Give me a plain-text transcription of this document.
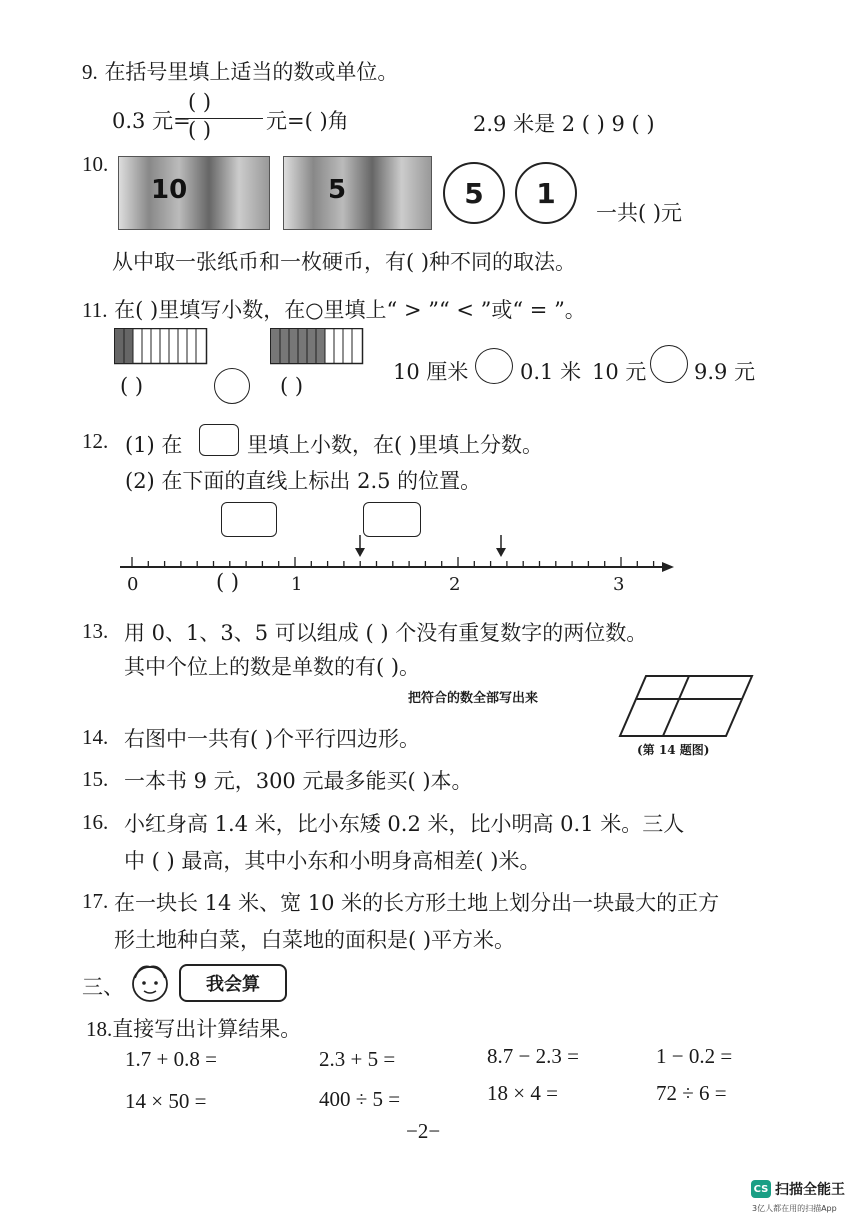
9. 在括号里填上适当的数或单位。
0.3 元=
( )
( )	元=( )角	2.9 米是 2 ( ) 9 ( )
10.
10	5	5 1
一共( )元
从中取一张纸币和一枚硬币，有( )种不同的取法。
11. 在( )里填写小数，在○里填上“ > ”“ < ”或“ = ”。
( )	( )
10 厘米 0.1 米 10 元 9.9 元
12. (1) 在	里填上小数，在( )里填上分数。
(2) 在下面的直线上标出 2.5 的位置。
0	( )	1	2	3
13. 用 0、1、3、5 可以组成 ( ) 个没有重复数字的两位数。
其中个位上的数是单数的有( )。
把符合的数全部写出来
(第 14 题图)
14. 右图中一共有( )个平行四边形。
15. 一本书 9 元，300 元最多能买( )本。
16. 小红身高 1.4 米，比小东矮 0.2 米，比小明高 0.1 米。三人
中 ( ) 最高，其中小东和小明身高相差( )米。
17. 在一块长 14 米、宽 10 米的长方形土地上划分出一块最大的正方
形土地种白菜，白菜地的面积是( )平方米。
三、	我会算
18.直接写出计算结果。
1.7 + 0.8 =	2.3 + 5 =	8.7 − 2.3 =	1 − 0.2 =
14 × 50 =	400 ÷ 5 =	18 × 4 =	72 ÷ 6 =
−2−
CS 扫描全能王
3亿人都在用的扫描App
